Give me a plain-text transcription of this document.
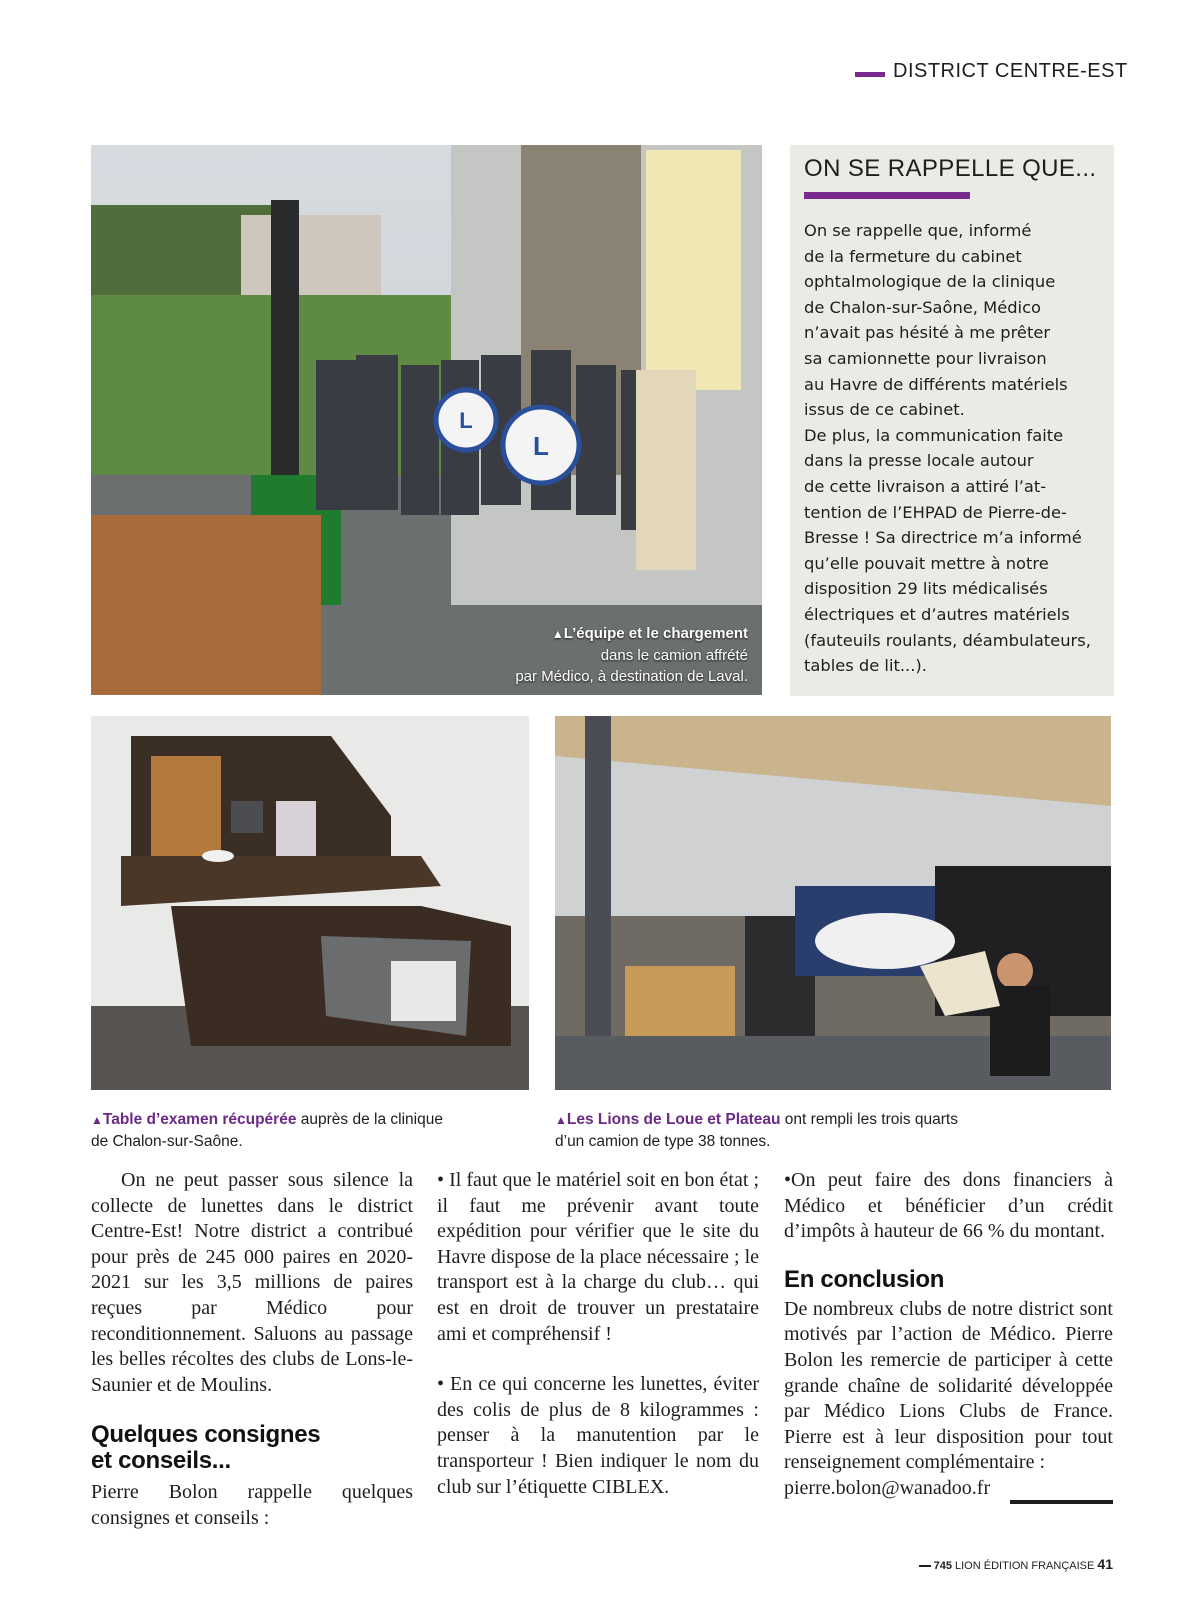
DISTRICT CENTRE-EST
L
L
▲L’équipe et le chargement
dans le camion affrété
par Médico, à destination de Laval.
ON SE RAPPELLE QUE...
On se rappelle que, informé
de la fermeture du cabinet
ophtalmologique de la clinique
de Chalon-sur-Saône, Médico
n’avait pas hésité à me prêter
sa camionnette pour livraison
au Havre de différents matériels
issus de ce cabinet.
De plus, la communication faite
dans la presse locale autour
de cette livraison a attiré l’at-
tention de l’EHPAD de Pierre-de-
Bresse ! Sa directrice m’a informé
qu’elle pouvait mettre à notre
disposition 29 lits médicalisés
électriques et d’autres matériels
(fauteuils roulants, déambulateurs,
tables de lit...).
▲Table d’examen récupérée auprès de la clinique
de Chalon-sur-Saône.
▲Les Lions de Loue et Plateau ont rempli les trois quarts
d’un camion de type 38 tonnes.

On ne peut passer sous silence la collecte de lunettes dans le district Centre-Est! Notre district a contribué pour près de 245 000 paires en 2020-2021 sur les 3,5 millions de paires reçues par Médico pour reconditionnement. Saluons au passage les belles récoltes des clubs de Lons-le-Saunier et de Moulins.

Quelques consignes
et conseils...

Pierre Bolon rappelle quelques consignes et conseils :

• Il faut que le matériel soit en bon état ; il faut me prévenir avant toute expédition pour vérifier que le site du Havre dispose de la place nécessaire ; le transport est à la charge du club… qui est en droit de trouver un prestataire ami et compréhensif !

• En ce qui concerne les lunettes, éviter des colis de plus de 8 kilogrammes : penser à la manutention par le transporteur ! Bien indiquer le nom du club sur l’étiquette CIBLEX.

•On peut faire des dons financiers à Médico et bénéficier d’un crédit d’impôts à hauteur de 66 % du montant.

En conclusion

De nombreux clubs de notre district sont motivés par l’action de Médico. Pierre Bolon les remercie de participer à cette grande chaîne de solidarité développée par Médico Lions Clubs de France. Pierre est à leur disposition pour tout renseignement complémentaire :

pierre.bolon@wanadoo.fr
745 LION ÉDITION FRANÇAISE 41
